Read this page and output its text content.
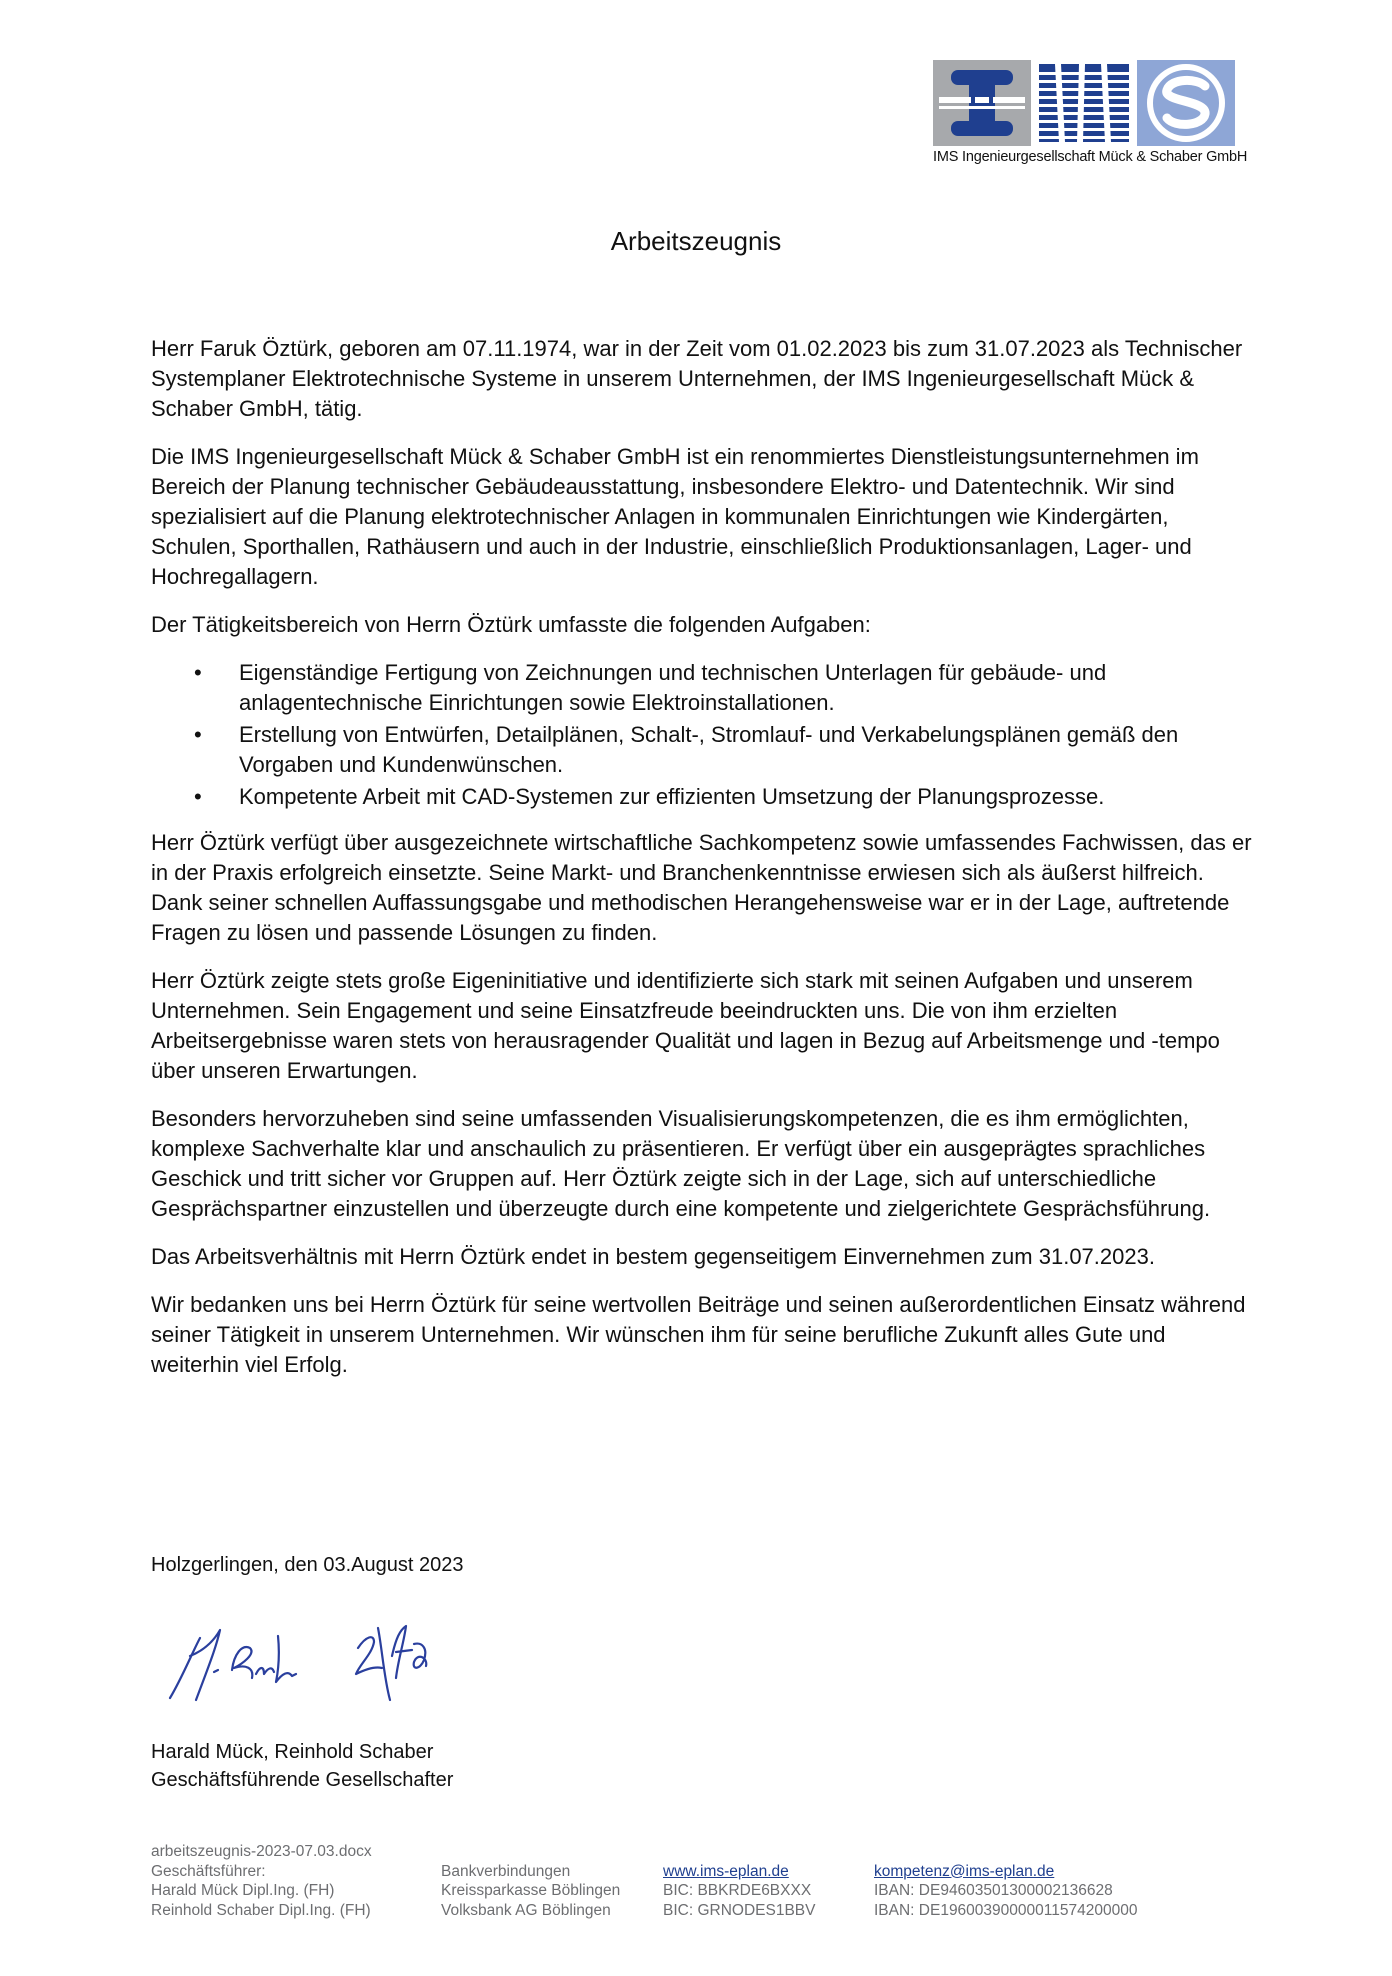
IMS Ingenieurgesellschaft Mück & Schaber GmbH
Arbeitszeugnis

Herr Faruk Öztürk, geboren am 07.11.1974, war in der Zeit vom 01.02.2023 bis zum 31.07.2023 als Technischer Systemplaner Elektrotechnische Systeme in unserem Unternehmen, der IMS Ingenieurgesellschaft Mück & Schaber GmbH, tätig.

Die IMS Ingenieurgesellschaft Mück & Schaber GmbH ist ein renommiertes Dienstleistungsunternehmen im Bereich der Planung technischer Gebäudeausstattung, insbesondere Elektro- und Datentechnik. Wir sind spezialisiert auf die Planung elektrotechnischer Anlagen in kommunalen Einrichtungen wie Kindergärten, Schulen, Sporthallen, Rathäusern und auch in der Industrie, einschließlich Produktionsanlagen, Lager- und Hochregallagern.

Der Tätigkeitsbereich von Herrn Öztürk umfasste die folgenden Aufgaben:

• Eigenständige Fertigung von Zeichnungen und technischen Unterlagen für gebäude- und anlagentechnische Einrichtungen sowie Elektroinstallationen.
• Erstellung von Entwürfen, Detailplänen, Schalt-, Stromlauf- und Verkabelungsplänen gemäß den Vorgaben und Kundenwünschen.
• Kompetente Arbeit mit CAD-Systemen zur effizienten Umsetzung der Planungsprozesse.

Herr Öztürk verfügt über ausgezeichnete wirtschaftliche Sachkompetenz sowie umfassendes Fachwissen, das er in der Praxis erfolgreich einsetzte. Seine Markt- und Branchenkenntnisse erwiesen sich als äußerst hilfreich. Dank seiner schnellen Auffassungsgabe und methodischen Herangehensweise war er in der Lage, auftretende Fragen zu lösen und passende Lösungen zu finden.

Herr Öztürk zeigte stets große Eigeninitiative und identifizierte sich stark mit seinen Aufgaben und unserem Unternehmen. Sein Engagement und seine Einsatzfreude beeindruckten uns. Die von ihm erzielten Arbeitsergebnisse waren stets von herausragender Qualität und lagen in Bezug auf Arbeitsmenge und -tempo über unseren Erwartungen.

Besonders hervorzuheben sind seine umfassenden Visualisierungskompetenzen, die es ihm ermöglichten, komplexe Sachverhalte klar und anschaulich zu präsentieren. Er verfügt über ein ausgeprägtes sprachliches Geschick und tritt sicher vor Gruppen auf. Herr Öztürk zeigte sich in der Lage, sich auf unterschiedliche Gesprächspartner einzustellen und überzeugte durch eine kompetente und zielgerichtete Gesprächsführung.

Das Arbeitsverhältnis mit Herrn Öztürk endet in bestem gegenseitigem Einvernehmen zum 31.07.2023.

Wir bedanken uns bei Herrn Öztürk für seine wertvollen Beiträge und seinen außerordentlichen Einsatz während seiner Tätigkeit in unserem Unternehmen. Wir wünschen ihm für seine berufliche Zukunft alles Gute und weiterhin viel Erfolg.

Holzgerlingen, den 03.August 2023
Harald Mück, Reinhold Schaber
Geschäftsführende Gesellschafter
arbeitszeugnis-2023-07.03.docx
Geschäftsführer:
Harald Mück Dipl.Ing. (FH)
Reinhold Schaber Dipl.Ing. (FH)
Bankverbindungen
Kreissparkasse Böblingen
Volksbank AG Böblingen
www.ims-eplan.de
BIC: BBKRDE6BXXX
BIC: GRNODES1BBV
kompetenz@ims-eplan.de
IBAN: DE94603501300002136628
IBAN: DE19600390000011574200000
